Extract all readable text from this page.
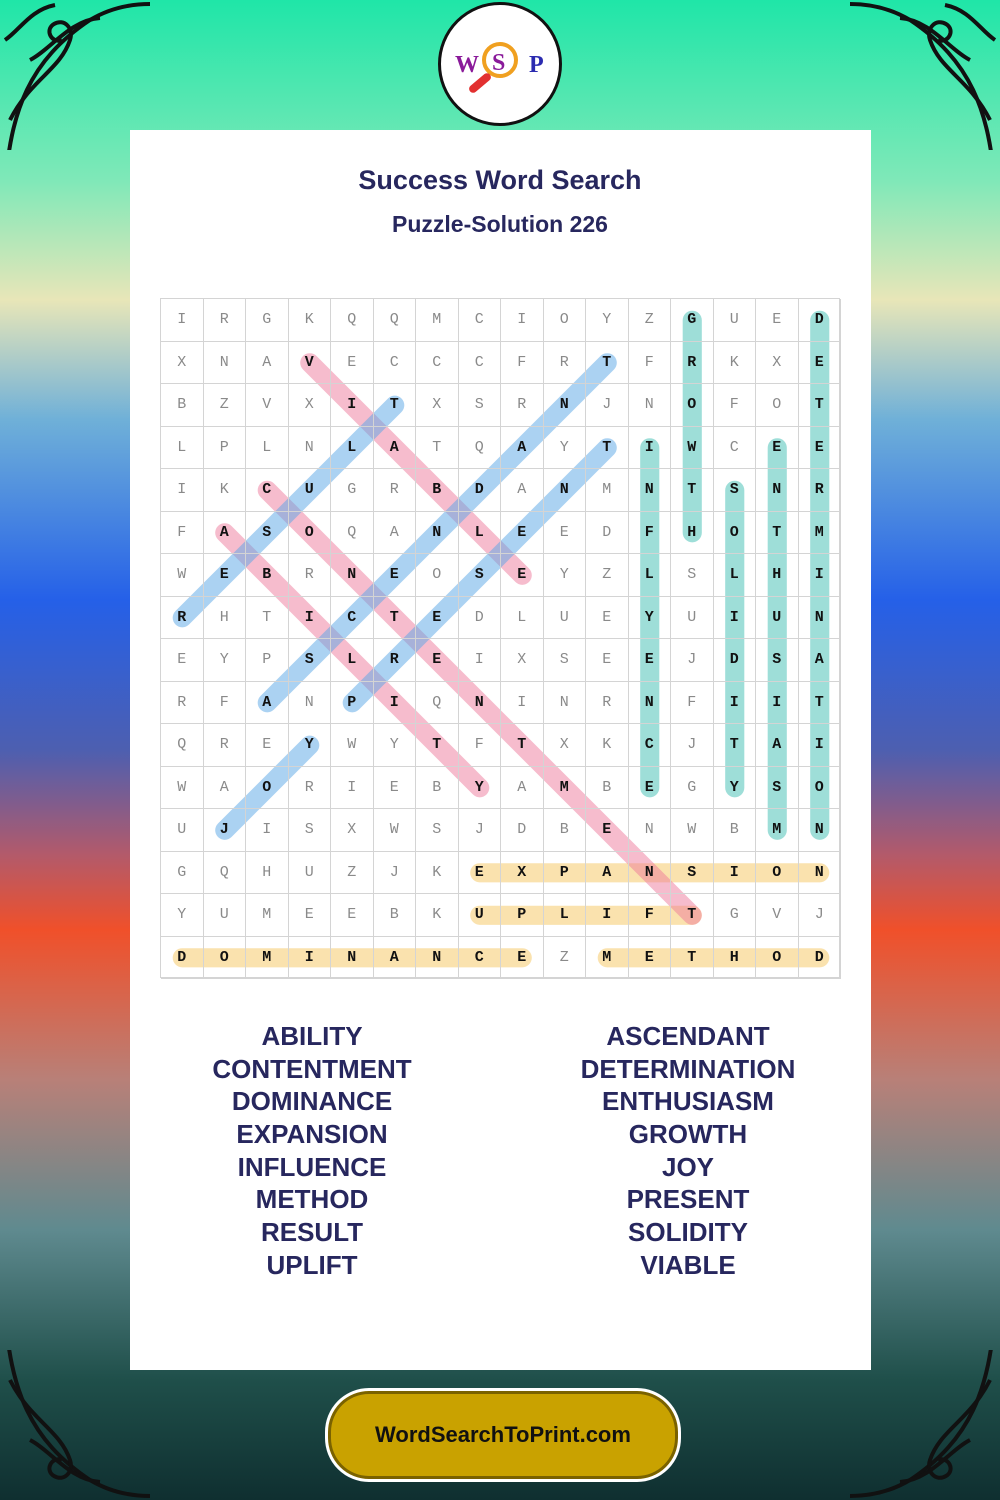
W S P
Success Word Search
Puzzle-Solution 226
I	R	G	K	Q	Q	M	C	I	O	Y	Z	G	U	E	D
X	N	A	V	E	C	C	C	F	R	T	F	R	K	X	E
B	Z	V	X	I	T	X	S	R	N	J	N	O	F	O	T
L	P	L	N	L	A	T	Q	A	Y	T	I	W	C	E	E
I	K	C	U	G	R	B	D	A	N	M	N	T	S	N	R
F	A	S	O	Q	A	N	L	E	E	D	F	H	O	T	M
W	E	B	R	N	E	O	S	E	Y	Z	L	S	L	H	I
R	H	T	I	C	T	E	D	L	U	E	Y	U	I	U	N
E	Y	P	S	L	R	E	I	X	S	E	E	J	D	S	A
R	F	A	N	P	I	Q	N	I	N	R	N	F	I	I	T
Q	R	E	Y	W	Y	T	F	T	X	K	C	J	T	A	I
W	A	O	R	I	E	B	Y	A	M	B	E	G	Y	S	O
U	J	I	S	X	W	S	J	D	B	E	N	W	B	M	N
G	Q	H	U	Z	J	K	E	X	P	A	N	S	I	O	N
Y	U	M	E	E	B	K	U	P	L	I	F	T	G	V	J
D	O	M	I	N	A	N	C	E	Z	M	E	T	H	O	D
ABILITY
CONTENTMENT
DOMINANCE
EXPANSION
INFLUENCE
METHOD
RESULT
UPLIFT
ASCENDANT
DETERMINATION
ENTHUSIASM
GROWTH
JOY
PRESENT
SOLIDITY
VIABLE
WordSearchToPrint.com
